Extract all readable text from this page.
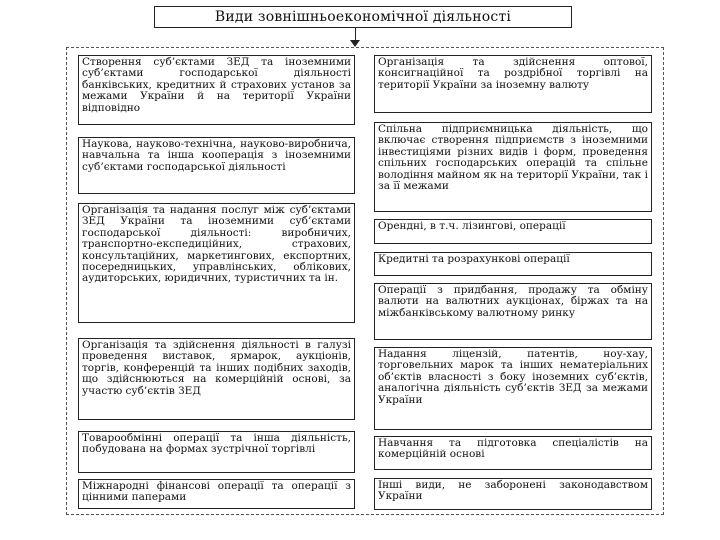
Види зовнішньоекономічної діяльності
Створення суб’єктами ЗЕД та іноземними суб’єктами господарської діяльності банківських, кредитних й страхових установ за межами України й на території України відповідно
Наукова, науково-технічна, науково-виробнича, навчальна та інша кооперація з іноземними суб’єктами господарської діяльності
Організація та надання послуг між суб’єктами ЗЕД України та іноземними суб’єктами господарської діяльності: виробничих, транспортно-експедиційних, страхових, консультаційних, маркетингових, експортних, посередницьких, управлінських, облікових, аудиторських, юридичних, туристичних та ін.
Організація та здійснення діяльності в галузі проведення виставок, ярмарок, аукціонів, торгів, конференцій та інших подібних заходів, що здійснюються на комерційній основі, за участю суб’єктів ЗЕД
Товарообмінні операції та інша діяльність, побудована на формах зустрічної торгівлі
Міжнародні фінансові операції та операції з цінними паперами
Організація та здійснення оптової, консигнаційної та роздрібної торгівлі на території України за іноземну валюту
Спільна підприємницька діяльність, що включає створення підприємств з іноземними інвестиціями різних видів і форм, проведення спільних господарських операцій та спільне володіння майном як на території України, так і за її межами
Орендні, в т.ч. лізингові, операції
Кредитні та розрахункові операції
Операції з придбання, продажу та обміну валюти на валютних аукціонах, біржах та на міжбанківському валютному ринку
Надання ліцензій, патентів, ноу-хау, торговельних марок та інших нематеріальних об’єктів власності з боку іноземних суб’єктів, аналогічна діяльність суб’єктів ЗЕД за межами України
Навчання та підготовка спеціалістів на комерційній основі
Інші види, не заборонені законодавством України
